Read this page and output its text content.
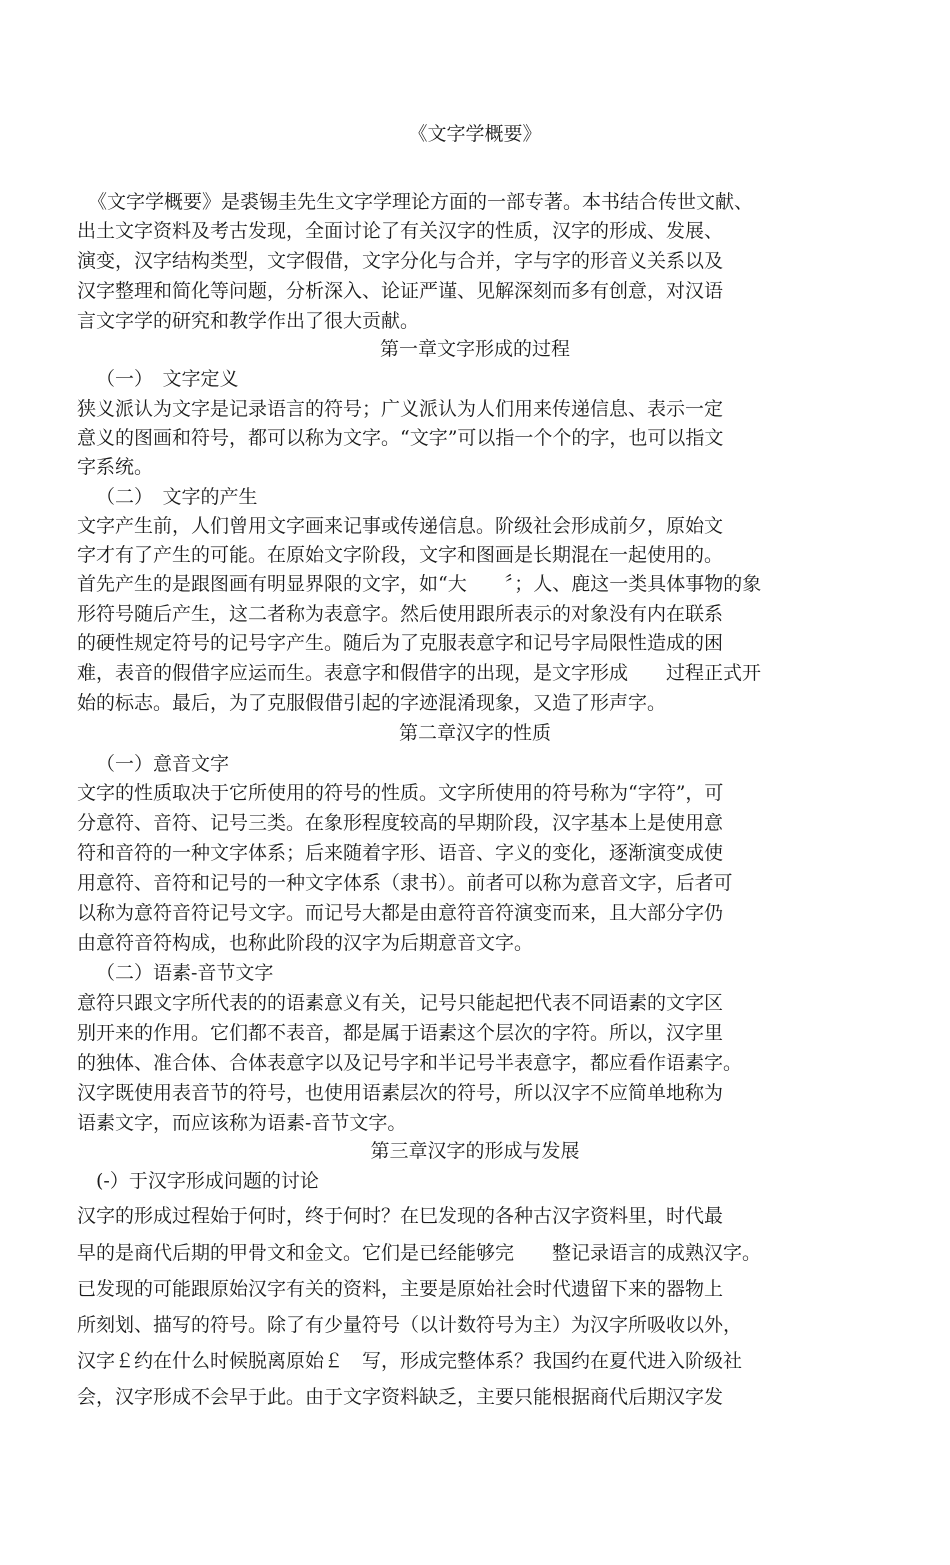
《文字学概要》

《文字学概要》是裘锡圭先生文字学理论方面的一部专著。本书结合传世文献、

出土文字资料及考古发现，全面讨论了有关汉字的性质，汉字的形成、发展、

演变，汉字结构类型，文字假借，文字分化与合并，字与字的形音义关系以及

汉字整理和简化等问题，分析深入、论证严谨、见解深刻而多有创意，对汉语

言文字学的研究和教学作出了很大贡献。

第一章文字形成的过程

（一）　文字定义

狭义派认为文字是记录语言的符号；广义派认为人们用来传递信息、表示一定

意义的图画和符号，都可以称为文字。“文字”可以指一个个的字，也可以指文

字系统。

（二）　文字的产生

文字产生前，人们曾用文字画来记事或传递信息。阶级社会形成前夕，原始文

字才有了产生的可能。在原始文字阶段，文字和图画是长期混在一起使用的。

首先产生的是跟图画有明显界限的文字，如“大　　〞；人、鹿这一类具体事物的象

形符号随后产生，这二者称为表意字。然后使用跟所表示的对象没有内在联系

的硬性规定符号的记号字产生。随后为了克服表意字和记号字局限性造成的困

难，表音的假借字应运而生。表意字和假借字的出现，是文字形成　　过程正式开

始的标志。最后，为了克服假借引起的字迹混淆现象，又造了形声字。

第二章汉字的性质

（一）意音文字

文字的性质取决于它所使用的符号的性质。文字所使用的符号称为“字符”，可

分意符、音符、记号三类。在象形程度较高的早期阶段，汉字基本上是使用意

符和音符的一种文字体系；后来随着字形、语音、字义的变化，逐渐演变成使

用意符、音符和记号的一种文字体系（隶书）。前者可以称为意音文字，后者可

以称为意符音符记号文字。而记号大都是由意符音符演变而来，且大部分字仍

由意符音符构成，也称此阶段的汉字为后期意音文字。

（二）语素-音节文字

意符只跟文字所代表的的语素意义有关，记号只能起把代表不同语素的文字区

别开来的作用。它们都不表音，都是属于语素这个层次的字符。所以，汉字里

的独体、准合体、合体表意字以及记号字和半记号半表意字，都应看作语素字。

汉字既使用表音节的符号，也使用语素层次的符号，所以汉字不应简单地称为

语素文字，而应该称为语素-音节文字。

第三章汉字的形成与发展

(-）于汉字形成问题的讨论

汉字的形成过程始于何时，终于何时？在巳发现的各种古汉字资料里，时代最

早的是商代后期的甲骨文和金文。它们是已经能够完　　整记录语言的成熟汉字。

已发现的可能跟原始汉字有关的资料，主要是原始社会时代遗留下来的器物上

所刻划、描写的符号。除了有少量符号（以计数符号为主）为汉字所吸收以外，

汉字￡约在什么时候脱离原始￡　写，形成完整体系？我国约在夏代进入阶级社

会，汉字形成不会早于此。由于文字资料缺乏，主要只能根据商代后期汉字发
